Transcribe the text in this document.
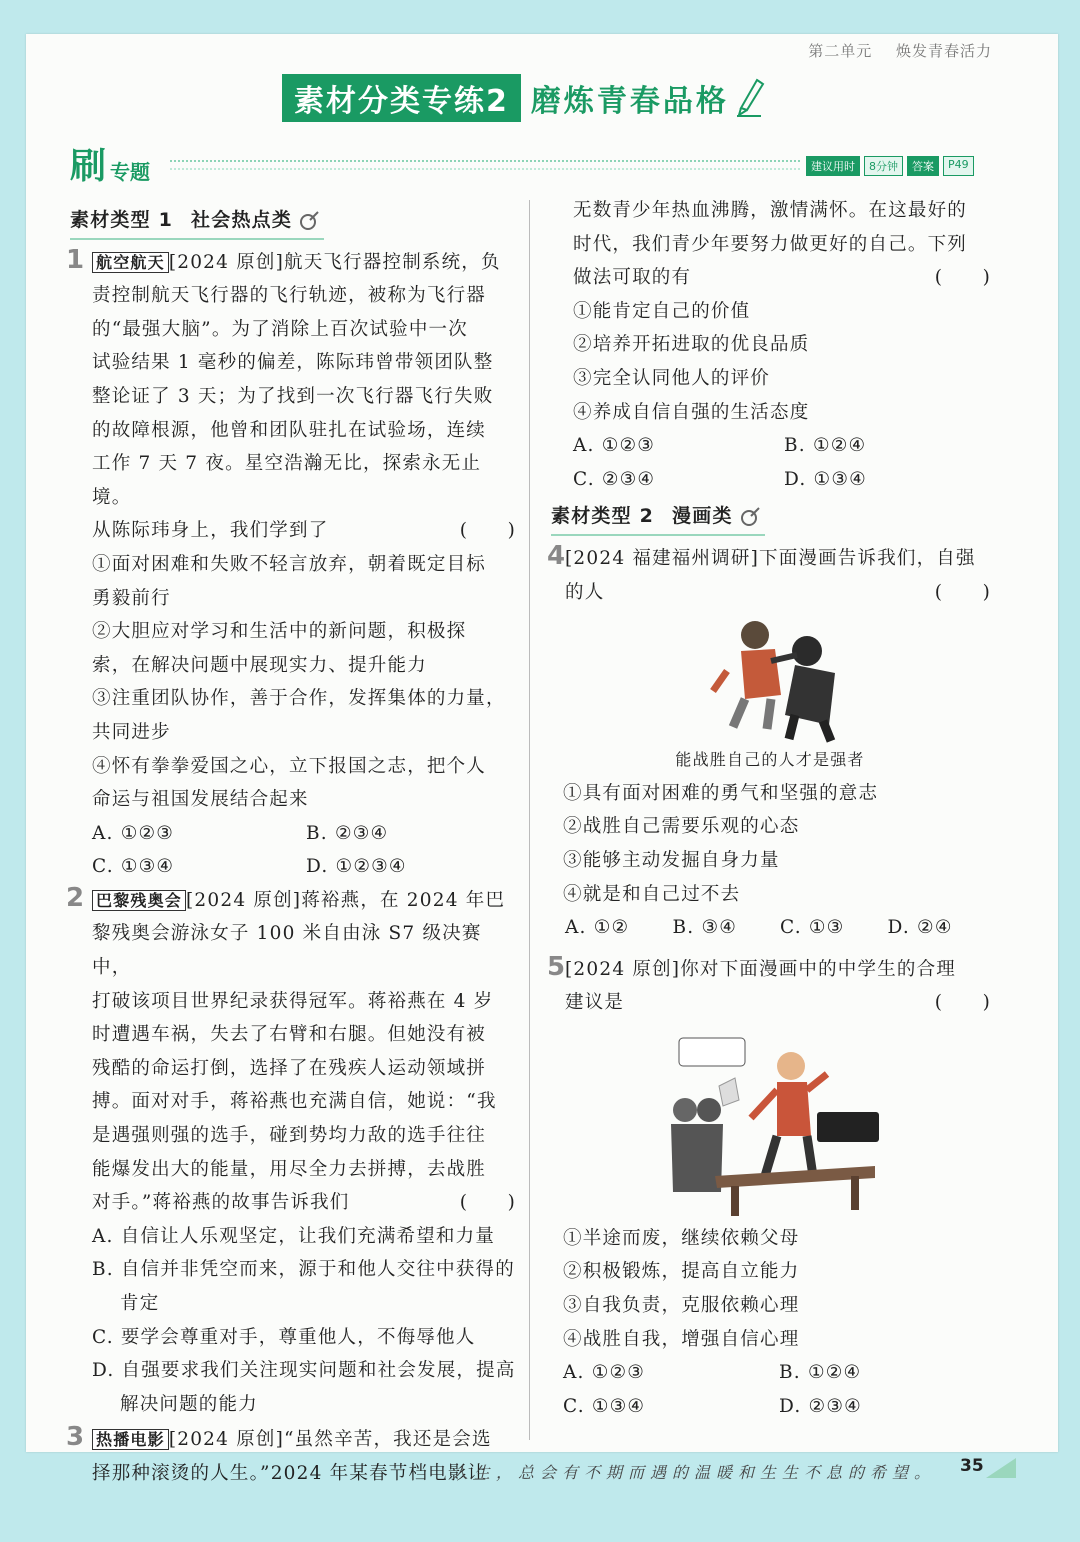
第二单元 焕发青春活力
素材分类专练2 磨炼青春品格
刷 专题	建议用时	8分钟	答案	P49
素材类型 1 社会热点类
1 航空航天 [2024 原创]航天飞行器控制系统，负
责控制航天飞行器的飞行轨迹，被称为飞行器
的“最强大脑”。为了消除上百次试验中一次
试验结果 1 毫秒的偏差，陈际玮曾带领团队整
整论证了 3 天；为了找到一次飞行器飞行失败
的故障根源，他曾和团队驻扎在试验场，连续
工作 7 天 7 夜。星空浩瀚无比，探索永无止境。
从陈际玮身上，我们学到了	(　　)
①面对困难和失败不轻言放弃，朝着既定目标
勇毅前行
②大胆应对学习和生活中的新问题，积极探
索，在解决问题中展现实力、提升能力
③注重团队协作，善于合作，发挥集体的力量，
共同进步
④怀有拳拳爱国之心，立下报国之志，把个人
命运与祖国发展结合起来
A. ①②③	B. ②③④
C. ①③④	D. ①②③④
2 巴黎残奥会 [2024 原创]蒋裕燕，在 2024 年巴
黎残奥会游泳女子 100 米自由泳 S7 级决赛中，
打破该项目世界纪录获得冠军。蒋裕燕在 4 岁
时遭遇车祸，失去了右臂和右腿。但她没有被
残酷的命运打倒，选择了在残疾人运动领域拼
搏。面对对手，蒋裕燕也充满自信，她说：“我
是遇强则强的选手，碰到势均力敌的选手往往
能爆发出大的能量，用尽全力去拼搏，去战胜
对手。”蒋裕燕的故事告诉我们	(　　)
A. 自信让人乐观坚定，让我们充满希望和力量
B. 自信并非凭空而来，源于和他人交往中获得的肯定
C. 要学会尊重对手，尊重他人，不侮辱他人
D. 自强要求我们关注现实问题和社会发展，提高解决问题的能力
3 热播电影 [2024 原创]“虽然辛苦，我还是会选
择那种滚烫的人生。”2024 年某春节档电影让
无数青少年热血沸腾，激情满怀。在这最好的
时代，我们青少年要努力做更好的自己。下列
做法可取的有	(　　)
①能肯定自己的价值
②培养开拓进取的优良品质
③完全认同他人的评价
④养成自信自强的生活态度
A. ①②③	B. ①②④
C. ②③④	D. ①③④
素材类型 2 漫画类
4
[2024 福建福州调研]下面漫画告诉我们，自强
的人	(　　)
能战胜自己的人才是强者
①具有面对困难的勇气和坚强的意志
②战胜自己需要乐观的心态
③能够主动发掘自身力量
④就是和自己过不去
A. ①②	B. ③④	C. ①③	D. ②④
5
[2024 原创]你对下面漫画中的中学生的合理
建议是	(　　)
①半途而废，继续依赖父母
②积极锻炼，提高自立能力
③自我负责，克服依赖心理
④战胜自我，增强自信心理
A. ①②③	B. ①②④
C. ①③④	D. ②③④
人生，总会有不期而遇的温暖和生生不息的希望。 35
